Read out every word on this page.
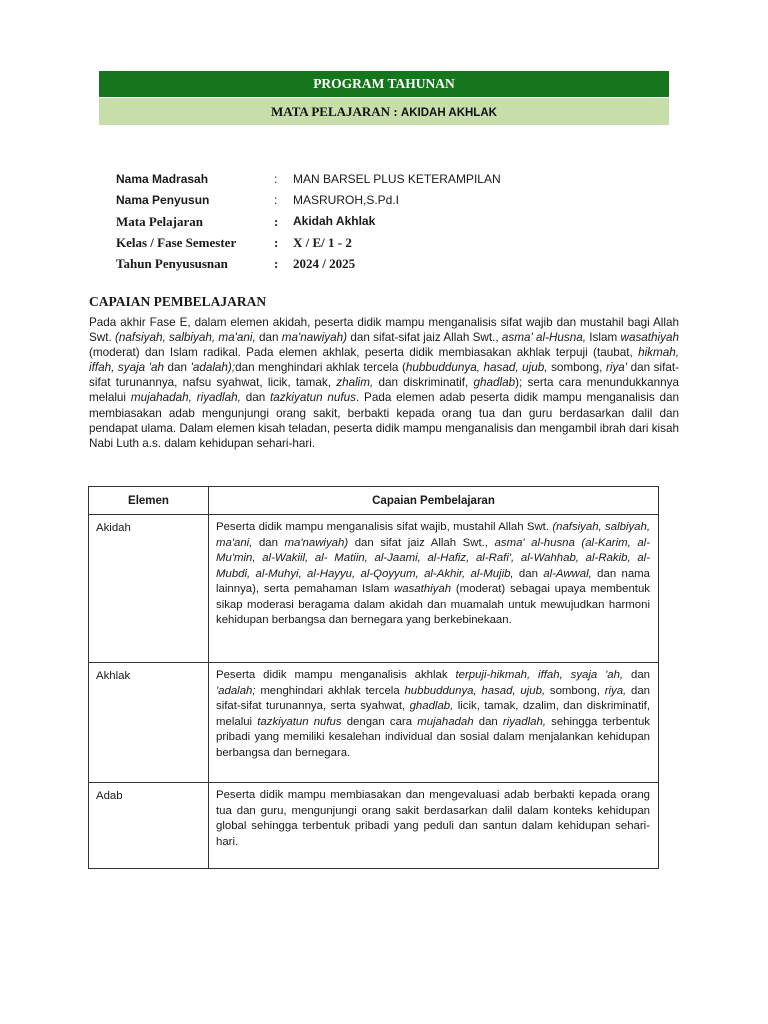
PROGRAM TAHUNAN
MATA PELAJARAN : AKIDAH AKHLAK
Nama Madrasah	: MAN BARSEL PLUS KETERAMPILAN
Nama Penyusun	: MASRUROH,S.Pd.I
Mata Pelajaran	: Akidah Akhlak
Kelas / Fase Semester	: X / E/ 1 - 2
Tahun Penyususnan	: 2024 / 2025
CAPAIAN PEMBELAJARAN

Pada akhir Fase E, dalam elemen akidah, peserta didik mampu menganalisis sifat wajib dan mustahil bagi Allah Swt. (nafsiyah, salbiyah, ma'ani, dan ma'nawiyah) dan sifat-sifat jaiz Allah Swt., asma' al-Husna, Islam wasathiyah (moderat) dan Islam radikal. Pada elemen akhlak, peserta didik membiasakan akhlak terpuji (taubat, hikmah, iffah, syaja 'ah dan 'adalah);dan menghindari akhlak tercela (hubbuddunya, hasad, ujub, sombong, riya' dan sifat-sifat turunannya, nafsu syahwat, licik, tamak, zhalim, dan diskriminatif, ghadlab); serta cara menundukkannya melalui mujahadah, riyadlah, dan tazkiyatun nufus. Pada elemen adab peserta didik mampu menganalisis dan membiasakan adab mengunjungi orang sakit, berbakti kepada orang tua dan guru berdasarkan dalil dan pendapat ulama. Dalam elemen kisah teladan, peserta didik mampu menganalisis dan mengambil ibrah dari kisah Nabi Luth a.s. dalam kehidupan sehari-hari.

Elemen	Capaian Pembelajaran
Akidah	Peserta didik mampu menganalisis sifat wajib, mustahil Allah Swt. (nafsiyah, salbiyah, ma'ani, dan ma'nawiyah) dan sifat jaiz Allah Swt., asma' al-husna (al-Karim, al-Mu'min, al-Wakiil, al- Matiin, al-Jaami, al-Hafiz, al-Rafi', al-Wahhab, al-Rakib, al-Mubdi, al-Muhyi, al-Hayyu, al-Qoyyum, al-Akhir, al-Mujib, dan al-Awwal, dan nama lainnya), serta pemahaman Islam wasathiyah (moderat) sebagai upaya membentuk sikap moderasi beragama dalam akidah dan muamalah untuk mewujudkan harmoni kehidupan berbangsa dan bernegara yang berkebinekaan.
Akhlak	Peserta didik mampu menganalisis akhlak terpuji-hikmah, iffah, syaja 'ah, dan 'adalah; menghindari akhlak tercela hubbuddunya, hasad, ujub, sombong, riya, dan sifat-sifat turunannya, serta syahwat, ghadlab, licik, tamak, dzalim, dan diskriminatif, melalui tazkiyatun nufus dengan cara mujahadah dan riyadlah, sehingga terbentuk pribadi yang memiliki kesalehan individual dan sosial dalam menjalankan kehidupan berbangsa dan bernegara.
Adab	Peserta didik mampu membiasakan dan mengevaluasi adab berbakti kepada orang tua dan guru, mengunjungi orang sakit berdasarkan dalil dalam konteks kehidupan global sehingga terbentuk pribadi yang peduli dan santun dalam kehidupan sehari-hari.
